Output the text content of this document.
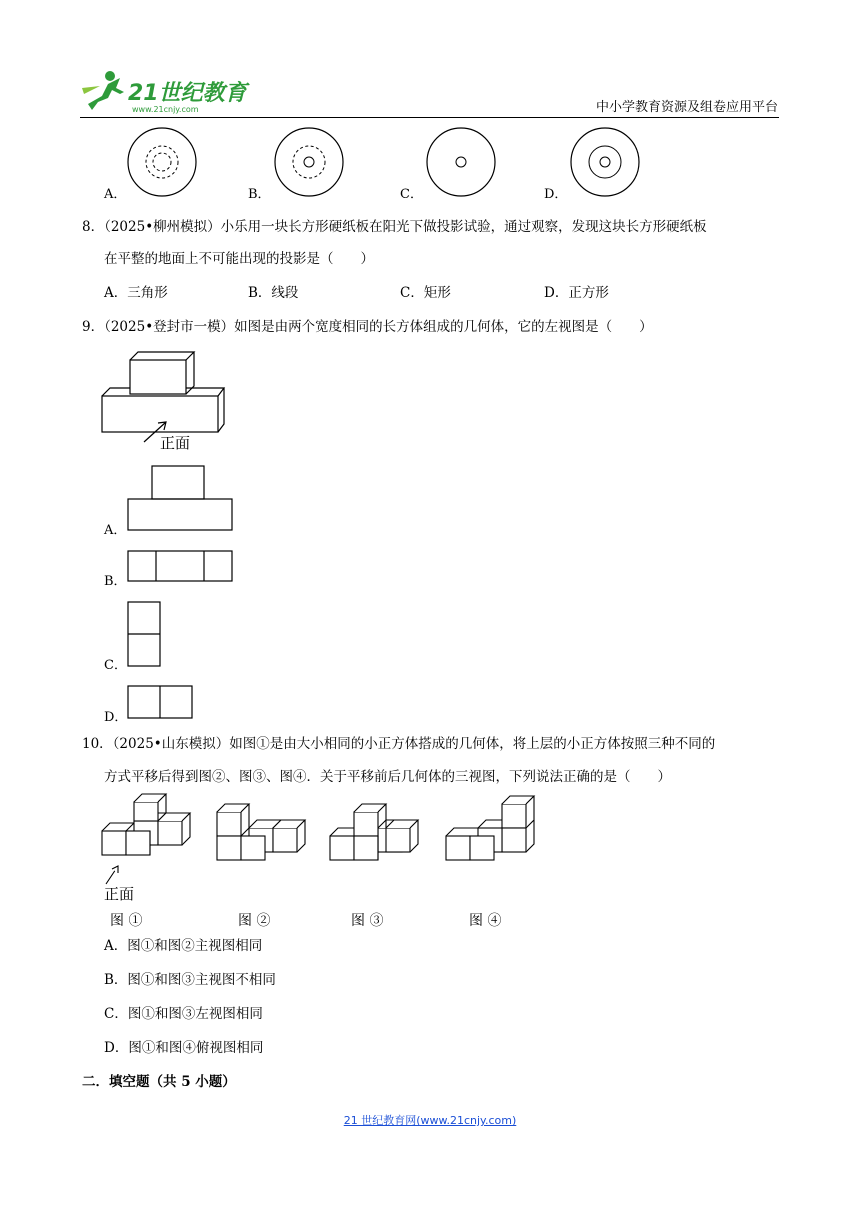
21世纪教育
www.21cnjy.com	中小学教育资源及组卷应用平台
A．	B．	C．	D．
8．（2025•柳州模拟）小乐用一块长方形硬纸板在阳光下做投影试验，通过观察，发现这块长方形硬纸板
在平整的地面上不可能出现的投影是（　　）
A．三角形	B．线段	C．矩形	D．正方形
9．（2025•登封市一模）如图是由两个宽度相同的长方体组成的几何体，它的左视图是（　　）
正面
A．
B．
C．
D．
10．（2025•山东模拟）如图①是由大小相同的小正方体搭成的几何体，将上层的小正方体按照三种不同的
方式平移后得到图②、图③、图④．关于平移前后几何体的三视图，下列说法正确的是（　　）
正面
图 ①	图 ②	图 ③	图 ④
A．图①和图②主视图相同
B．图①和图③主视图不相同
C．图①和图③左视图相同
D．图①和图④俯视图相同
二．填空题（共 5 小题）
21 世纪教育网(www.21cnjy.com)
